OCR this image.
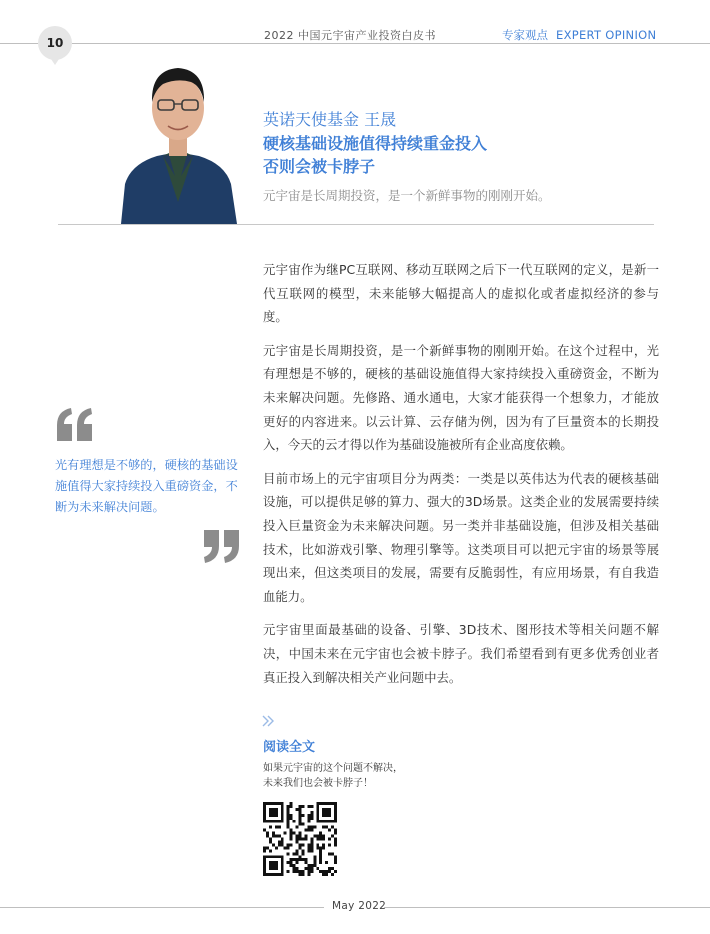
10
2022 中国元宇宙产业投资白皮书	专家观点 EXPERT OPINION
英诺天使基金 王晟
硬核基础设施值得持续重金投入
否则会被卡脖子
元宇宙是长周期投资，是一个新鲜事物的刚刚开始。

元宇宙作为继PC互联网、移动互联网之后下一代互联网的定义，是新一代互联网的模型，未来能够大幅提高人的虚拟化或者虚拟经济的参与度。

元宇宙是长周期投资，是一个新鲜事物的刚刚开始。在这个过程中，光有理想是不够的，硬核的基础设施值得大家持续投入重磅资金，不断为未来解决问题。先修路、通水通电，大家才能获得一个想象力，才能放更好的内容进来。以云计算、云存储为例，因为有了巨量资本的长期投入，今天的云才得以作为基础设施被所有企业高度依赖。

目前市场上的元宇宙项目分为两类：一类是以英伟达为代表的硬核基础设施，可以提供足够的算力、强大的3D场景。这类企业的发展需要持续投入巨量资金为未来解决问题。另一类并非基础设施，但涉及相关基础技术，比如游戏引擎、物理引擎等。这类项目可以把元宇宙的场景等展现出来，但这类项目的发展，需要有反脆弱性，有应用场景，有自我造血能力。

元宇宙里面最基础的设备、引擎、3D技术、图形技术等相关问题不解决，中国未来在元宇宙也会被卡脖子。我们希望看到有更多优秀创业者真正投入到解决相关产业问题中去。

光有理想是不够的，硬核的基础设施值得大家持续投入重磅资金，不断为未来解决问题。
阅读全文
如果元宇宙的这个问题不解决，
未来我们也会被卡脖子！
May 2022
